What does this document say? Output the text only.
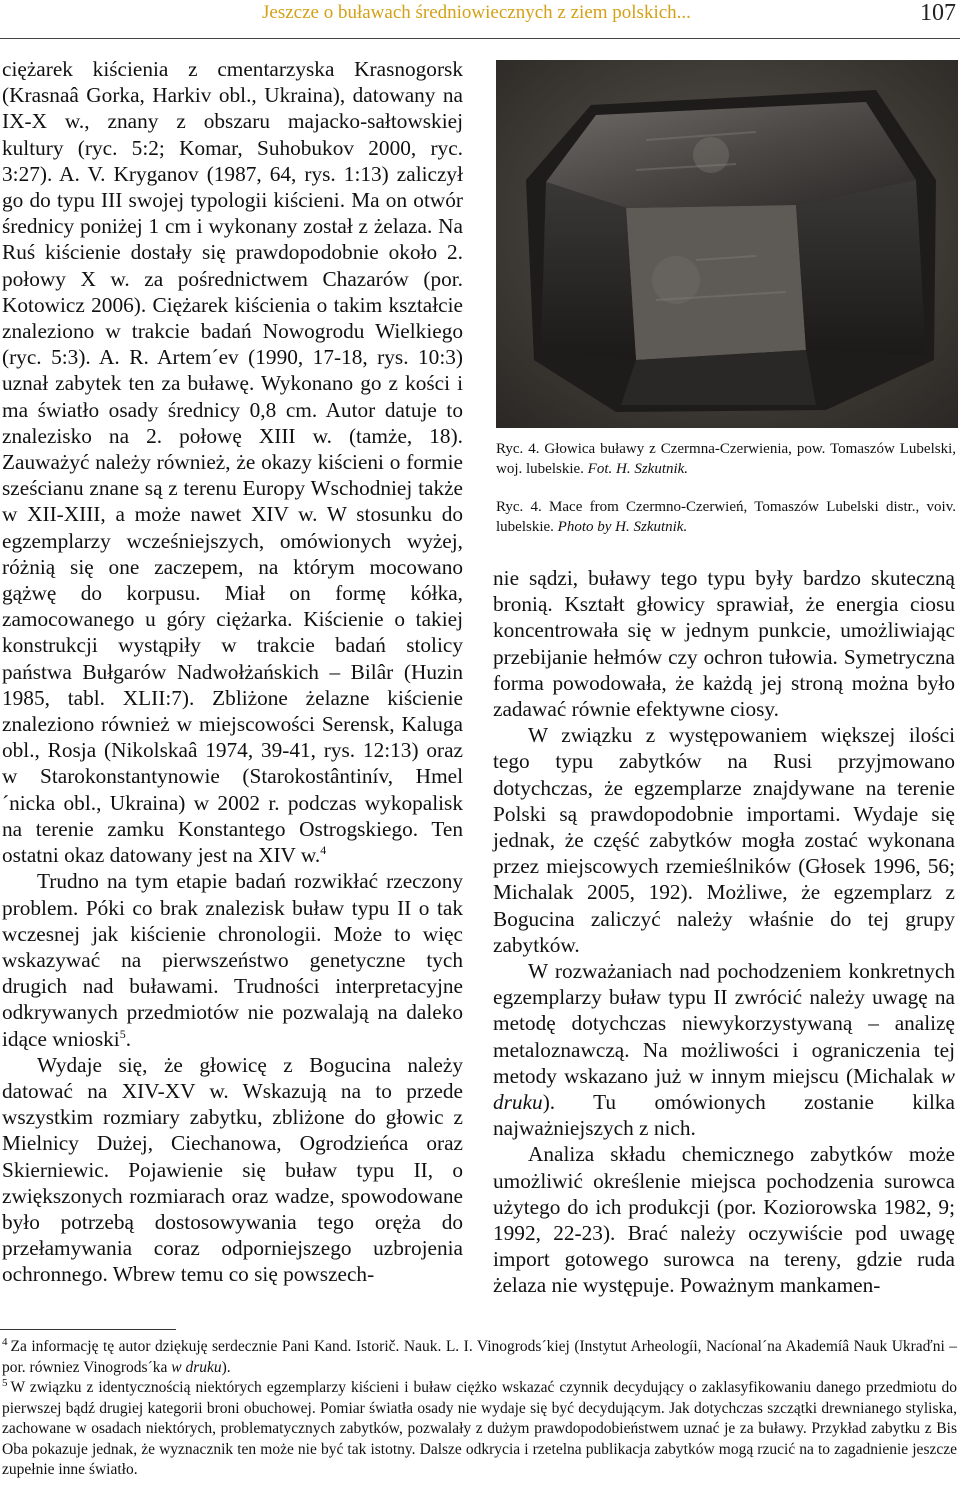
Jeszcze o buławach średniowiecznych z ziem polskich...	107

ciężarek kiścienia z cmentarzyska Krasnogorsk (Krasnaâ Gorka, Harkiv obl., Ukraina), datowany na IX-X w., znany z obszaru majacko-sałtowskiej kultury (ryc. 5:2; Komar, Suhobukov 2000, ryc. 3:27). A. V. Kryganov (1987, 64, rys. 1:13) zaliczył go do typu III swojej typologii kiścieni. Ma on otwór średnicy poniżej 1 cm i wykonany został z żelaza. Na Ruś kiścienie dostały się prawdopodobnie około 2. połowy X w. za pośrednictwem Chazarów (por. Kotowicz 2006). Ciężarek kiścienia o takim kształcie znaleziono w trakcie badań Nowogrodu Wielkiego (ryc. 5:3). A. R. Artem´ev (1990, 17-18, rys. 10:3) uznał zabytek ten za buławę. Wykonano go z kości i ma światło osady średnicy 0,8 cm. Autor datuje to znalezisko na 2. połowę XIII w. (tamże, 18). Zauważyć należy również, że okazy kiścieni o formie sześcianu znane są z terenu Europy Wschodniej także w XII-XIII, a może nawet XIV w. W stosunku do egzemplarzy wcześniejszych, omówionych wyżej, różnią się one zaczepem, na którym mocowano gążwę do korpusu. Miał on formę kółka, zamocowanego u góry ciężarka. Kiścienie o takiej konstrukcji wystąpiły w trakcie badań stolicy państwa Bułgarów Nadwołżańskich – Bilâr (Huzin 1985, tabl. XLII:7). Zbliżone żelazne kiścienie znaleziono również w miejscowości Serensk, Kaluga obl., Rosja (Nikolskaâ 1974, 39-41, rys. 12:13) oraz w Starokonstantynowie (Starokostântinív, Hmel´nicka obl., Ukraina) w 2002 r. podczas wykopalisk na terenie zamku Konstantego Ostrogskiego. Ten ostatni okaz datowany jest na XIV w.$^4$

Trudno na tym etapie badań rozwikłać rzeczony problem. Póki co brak znalezisk buław typu II o tak wczesnej jak kiścienie chronologii. Może to więc wskazywać na pierwszeństwo genetyczne tych drugich nad buławami. Trudności interpretacyjne odkrywanych przedmiotów nie pozwalają na daleko idące wnioski$^5$.

Wydaje się, że głowicę z Bogucina należy datować na XIV-XV w. Wskazują na to przede wszystkim rozmiary zabytku, zbliżone do głowic z Mielnicy Dużej, Ciechanowa, Ogrodzieńca oraz Skierniewic. Pojawienie się buław typu II, o zwiększonych rozmiarach oraz wadze, spowodowane było potrzebą dostosowywania tego oręża do przełamywania coraz odporniejszego uzbrojenia ochronnego. Wbrew temu co się powszech-

Ryc. 4. Głowica buławy z Czermna-Czerwienia, pow. Tomaszów Lubelski, woj. lubelskie. Fot. H. Szkutnik.
Ryc. 4. Mace from Czermno-Czerwień, Tomaszów Lubelski distr., voiv. lubelskie. Photo by H. Szkutnik.

nie sądzi, buławy tego typu były bardzo skuteczną bronią. Kształt głowicy sprawiał, że energia ciosu koncentrowała się w jednym punkcie, umożliwiając przebijanie hełmów czy ochron tułowia. Symetryczna forma powodowała, że każdą jej stroną można było zadawać równie efektywne ciosy.

W związku z występowaniem większej ilości tego typu zabytków na Rusi przyjmowano dotychczas, że egzemplarze znajdywane na terenie Polski są prawdopodobnie importami. Wydaje się jednak, że część zabytków mogła zostać wykonana przez miejscowych rzemieślników (Głosek 1996, 56; Michalak 2005, 192). Możliwe, że egzemplarz z Bogucina zaliczyć należy właśnie do tej grupy zabytków.

W rozważaniach nad pochodzeniem konkretnych egzemplarzy buław typu II zwrócić należy uwagę na metodę dotychczas niewykorzystywaną – analizę metaloznawczą. Na możliwości i ograniczenia tej metody wskazano już w innym miejscu (Michalak w druku). Tu omówionych zostanie kilka najważniejszych z nich.

Analiza składu chemicznego zabytków może umożliwić określenie miejsca pochodzenia surowca użytego do ich produkcji (por. Koziorowska 1982, 9; 1992, 22-23). Brać należy oczywiście pod uwagę import gotowego surowca na tereny, gdzie ruda żelaza nie występuje. Poważnym mankamen-

$^4$ Za informację tę autor dziękuję serdecznie Pani Kand. Istorič. Nauk. L. I. Vinogrods´kiej (Instytut Arheologíi, Nacíonal´na Akademíâ Nauk Ukraďni – por. równiez Vinogrods´ka w druku).

$^5$ W związku z identycznością niektórych egzemplarzy kiścieni i buław ciężko wskazać czynnik decydujący o zaklasyfikowaniu danego przedmiotu do pierwszej bądź drugiej kategorii broni obuchowej. Pomiar światła osady nie wydaje się być decydującym. Jak dotychczas szczątki drewnianego styliska, zachowane w osadach niektórych, problematycznych zabytków, pozwalały z dużym prawdopodobieństwem uznać je za buławy. Przykład zabytku z Bis Oba pokazuje jednak, że wyznacznik ten może nie być tak istotny. Dalsze odkrycia i rzetelna publikacja zabytków mogą rzucić na to zagadnienie jeszcze zupełnie inne światło.
